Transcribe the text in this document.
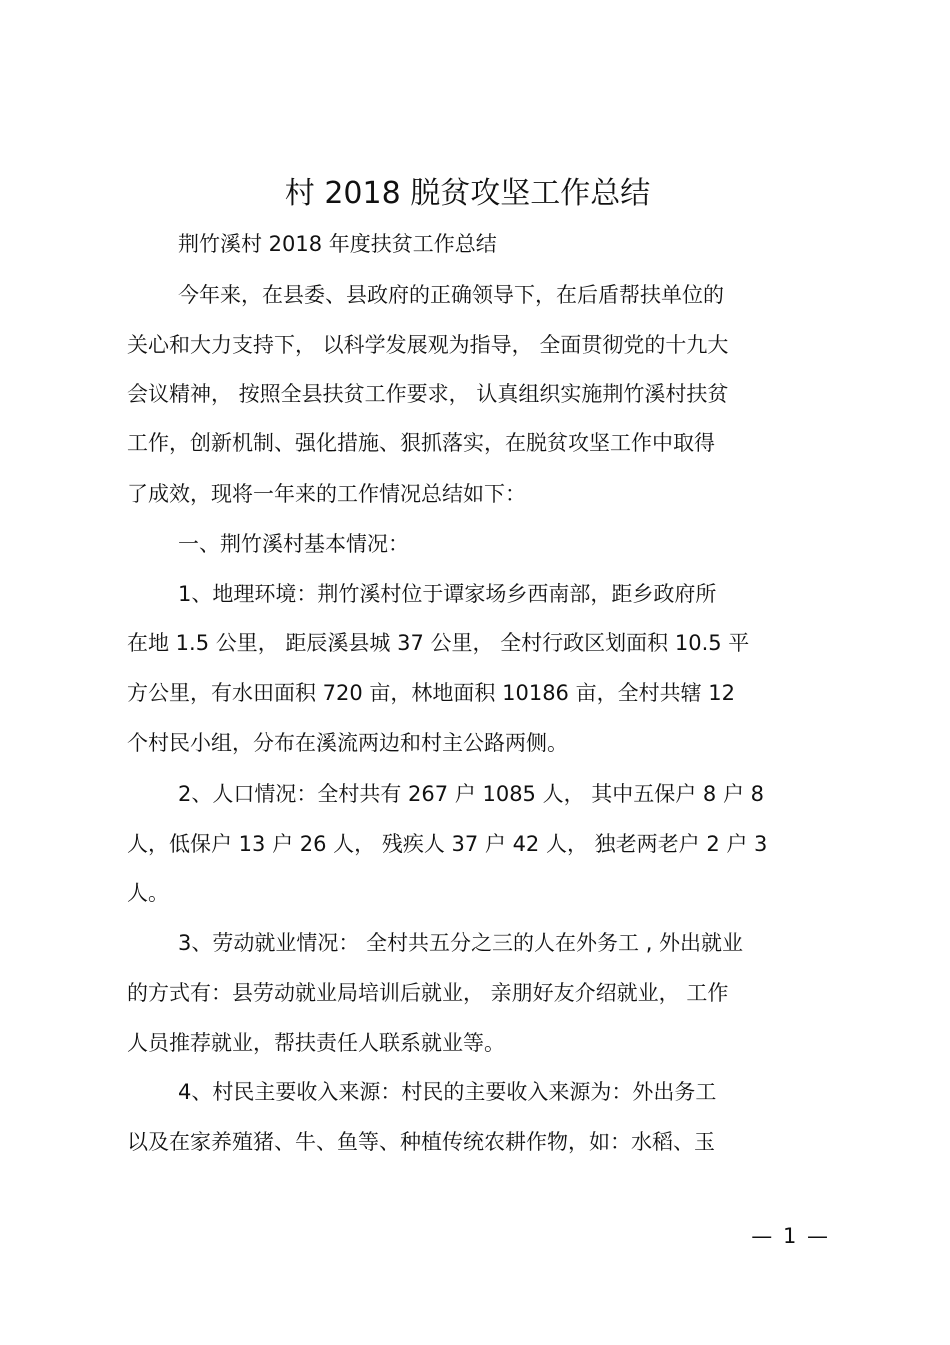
村 2018 脱贫攻坚工作总结
荆竹溪村 2018 年度扶贫工作总结
今年来，在县委、县政府的正确领导下，在后盾帮扶单位的
关心和大力支持下， 以科学发展观为指导， 全面贯彻党的十九大
会议精神， 按照全县扶贫工作要求， 认真组织实施荆竹溪村扶贫
工作，创新机制、强化措施、狠抓落实，在脱贫攻坚工作中取得
了成效，现将一年来的工作情况总结如下：
一、荆竹溪村基本情况：
1、地理环境：荆竹溪村位于谭家场乡西南部，距乡政府所
在地 1.5 公里， 距辰溪县城 37 公里， 全村行政区划面积 10.5 平
方公里，有水田面积 720 亩，林地面积 10186 亩，全村共辖 12
个村民小组，分布在溪流两边和村主公路两侧。
2、人口情况：全村共有 267 户 1085 人， 其中五保户 8 户 8
人，低保户 13 户 26 人， 残疾人 37 户 42 人， 独老两老户 2 户 3
人。
3、劳动就业情况： 全村共五分之三的人在外务工 , 外出就业
的方式有：县劳动就业局培训后就业， 亲朋好友介绍就业， 工作
人员推荐就业，帮扶责任人联系就业等。
4、村民主要收入来源：村民的主要收入来源为：外出务工
以及在家养殖猪、牛、鱼等、种植传统农耕作物，如：水稻、玉
— 1 —
